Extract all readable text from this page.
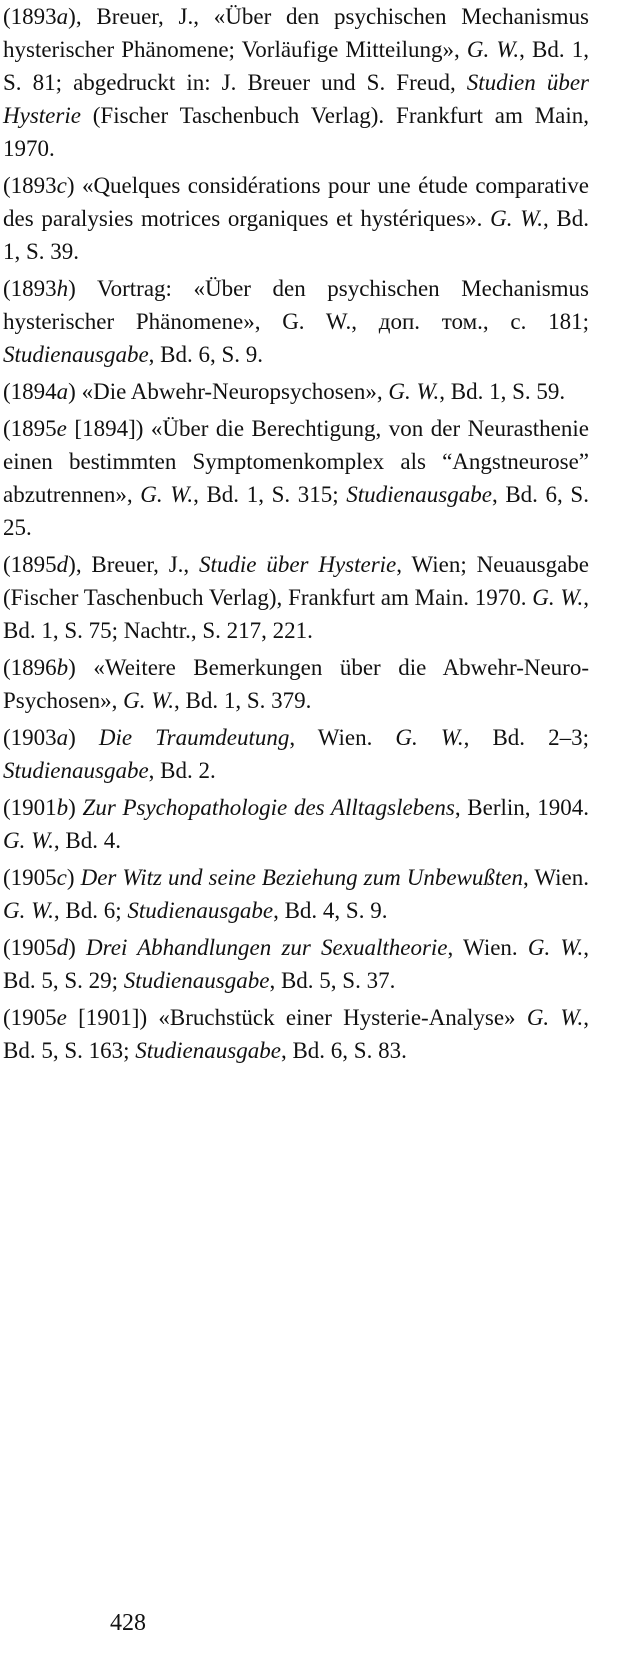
(1893a), Breuer, J., «Über den psychischen Mechanismus hysterischer Phänomene; Vorläufige Mitteilung», G. W., Bd. 1, S. 81; abgedruckt in: J. Breuer und S. Freud, Studien über Hysterie (Fischer Taschenbuch Verlag). Frankfurt am Main, 1970.
(1893c) «Quelques considérations pour une étude comparative des paralysies motrices organiques et hystériques». G. W., Bd. 1, S. 39.
(1893h) Vortrag: «Über den psychischen Mechanismus hysterischer Phänomene», G. W., доп. том., с. 181; Studienausgabe, Bd. 6, S. 9.
(1894a) «Die Abwehr-Neuropsychosen», G. W., Bd. 1, S. 59.
(1895e [1894]) «Über die Berechtigung, von der Neurasthenie einen bestimmten Symptomenkomplex als “Angstneurose” abzutrennen», G. W., Bd. 1, S. 315; Studienausgabe, Bd. 6, S. 25.
(1895d), Breuer, J., Studie über Hysterie, Wien; Neuausgabe (Fischer Taschenbuch Verlag), Frankfurt am Main. 1970. G. W., Bd. 1, S. 75; Nachtr., S. 217, 221.
(1896b) «Weitere Bemerkungen über die Abwehr-Neuro-Psychosen», G. W., Bd. 1, S. 379.
(1903a) Die Traumdeutung, Wien. G. W., Bd. 2–3; Studienausgabe, Bd. 2.
(1901b) Zur Psychopathologie des Alltagslebens, Berlin, 1904. G. W., Bd. 4.
(1905c) Der Witz und seine Beziehung zum Unbewußten, Wien. G. W., Bd. 6; Studienausgabe, Bd. 4, S. 9.
(1905d) Drei Abhandlungen zur Sexualtheorie, Wien. G. W., Bd. 5, S. 29; Studienausgabe, Bd. 5, S. 37.
(1905e [1901]) «Bruchstück einer Hysterie-Analyse» G. W., Bd. 5, S. 163; Studienausgabe, Bd. 6, S. 83.
428
